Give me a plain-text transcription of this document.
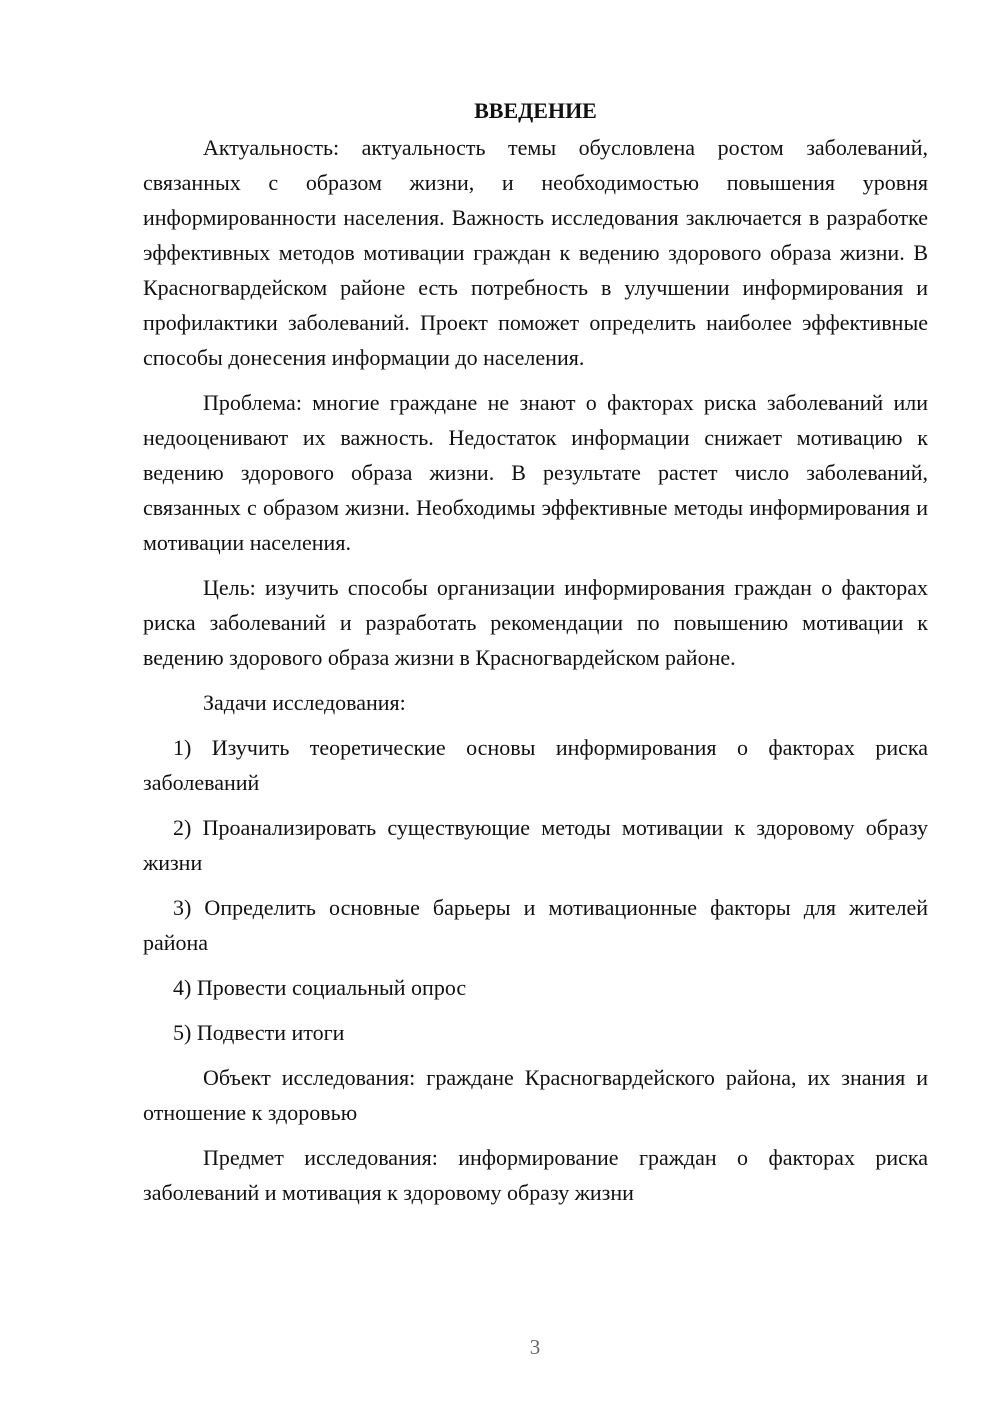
ВВЕДЕНИЕ

Актуальность: актуальность темы обусловлена ростом заболеваний, связанных с образом жизни, и необходимостью повышения уровня информированности населения. Важность исследования заключается в разработке эффективных методов мотивации граждан к ведению здорового образа жизни. В Красногвардейском районе есть потребность в улучшении информирования и профилактики заболеваний. Проект поможет определить наиболее эффективные способы донесения информации до населения.

Проблема: многие граждане не знают о факторах риска заболеваний или недооценивают их важность. Недостаток информации снижает мотивацию к ведению здорового образа жизни. В результате растет число заболеваний, связанных с образом жизни. Необходимы эффективные методы информирования и мотивации населения.

Цель: изучить способы организации информирования граждан о факторах риска заболеваний и разработать рекомендации по повышению мотивации к ведению здорового образа жизни в Красногвардейском районе.

Задачи исследования:

1) Изучить теоретические основы информирования о факторах риска заболеваний

2) Проанализировать существующие методы мотивации к здоровому образу жизни

3) Определить основные барьеры и мотивационные факторы для жителей района

4) Провести социальный опрос

5) Подвести итоги

Объект исследования: граждане Красногвардейского района, их знания и отношение к здоровью

Предмет исследования: информирование граждан о факторах риска заболеваний и мотивация к здоровому образу жизни

3
